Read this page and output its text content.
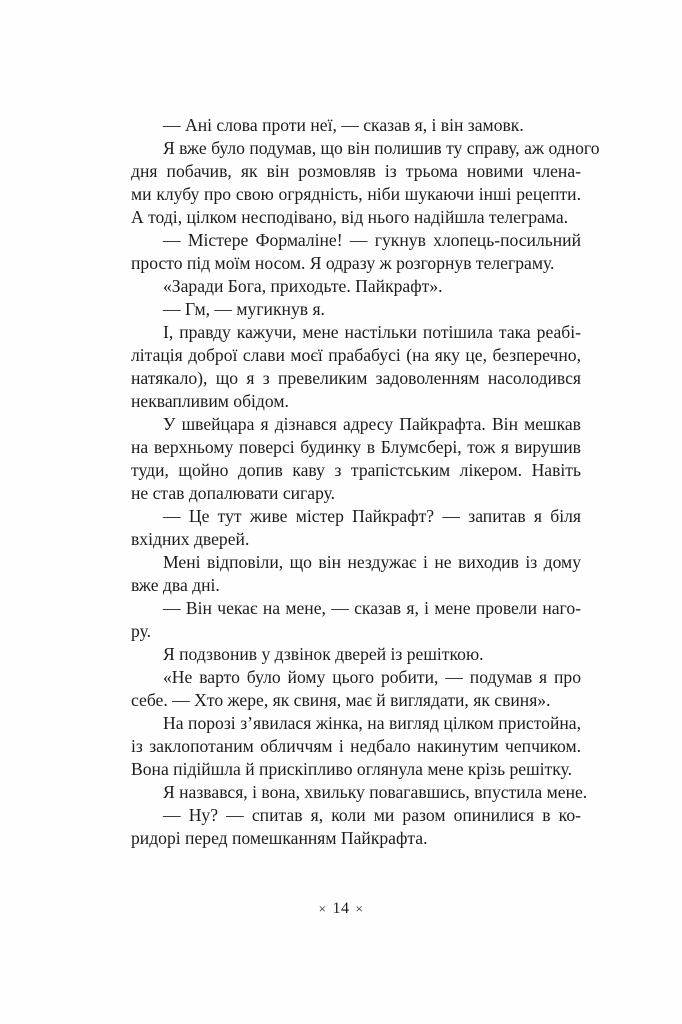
— Ані слова проти неї, — сказав я, і він замовк.
Я вже було подумав, що він полишив ту справу, аж одного
дня побачив, як він розмовляв із трьома новими члена-
ми клубу про свою огрядність, ніби шукаючи інші рецепти.
А тоді, цілком несподівано, від нього надійшла телеграма.
— Містере Формаліне! — гукнув хлопець-посильний
просто під моїм носом. Я одразу ж розгорнув телеграму.
«Заради Бога, приходьте. Пайкрафт».
— Гм, — мугикнув я.
І, правду кажучи, мене настільки потішила така реабі-
літація доброї слави моєї прабабусі (на яку це, безперечно,
натякало), що я з превеликим задоволенням насолодився
неквапливим обідом.
У швейцара я дізнався адресу Пайкрафта. Він мешкав
на верхньому поверсі будинку в Блумсбері, тож я вирушив
туди, щойно допив каву з трапістським лікером. Навіть
не став допалювати сигару.
— Це тут живе містер Пайкрафт? — запитав я біля
вхідних дверей.
Мені відповіли, що він нездужає і не виходив із дому
вже два дні.
— Він чекає на мене, — сказав я, і мене провели наго-
ру.
Я подзвонив у дзвінок дверей із решіткою.
«Не варто було йому цього робити, — подумав я про
себе. — Хто жере, як свиня, має й виглядати, як свиня».
На порозі з’явилася жінка, на вигляд цілком пристойна,
із заклопотаним обличчям і недбало накинутим чепчиком.
Вона підійшла й прискіпливо оглянула мене крізь решітку.
Я назвався, і вона, хвильку повагавшись, впустила мене.
— Ну? — спитав я, коли ми разом опинилися в ко-
ридорі перед помешканням Пайкрафта.
× 14 ×
